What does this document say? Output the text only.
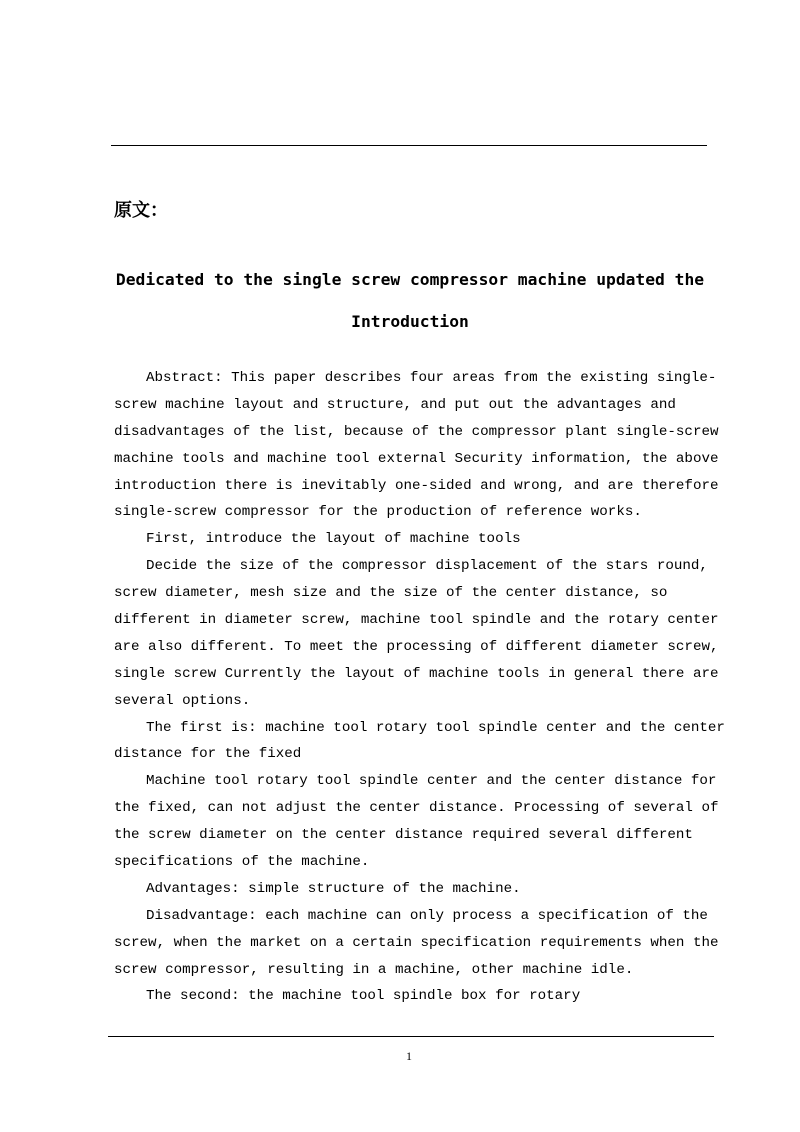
原文：
Dedicated to the single screw compressor machine updated the
Introduction
Abstract: This paper describes four areas from the existing single-
screw machine layout and structure, and put out the advantages and
disadvantages of the list, because of the compressor plant single-screw
machine tools and machine tool external Security information, the above
introduction there is inevitably one-sided and wrong, and are therefore
single-screw compressor for the production of reference works.
First, introduce the layout of machine tools
Decide the size of the compressor displacement of the stars round,
screw diameter, mesh size and the size of the center distance, so
different in diameter screw, machine tool spindle and the rotary center
are also different. To meet the processing of different diameter screw,
single screw Currently the layout of machine tools in general there are
several options.
The first is: machine tool rotary tool spindle center and the center
distance for the fixed
Machine tool rotary tool spindle center and the center distance for
the fixed, can not adjust the center distance. Processing of several of
the screw diameter on the center distance required several different
specifications of the machine.
Advantages: simple structure of the machine.
Disadvantage: each machine can only process a specification of the
screw, when the market on a certain specification requirements when the
screw compressor, resulting in a machine, other machine idle.
The second: the machine tool spindle box for rotary
1
